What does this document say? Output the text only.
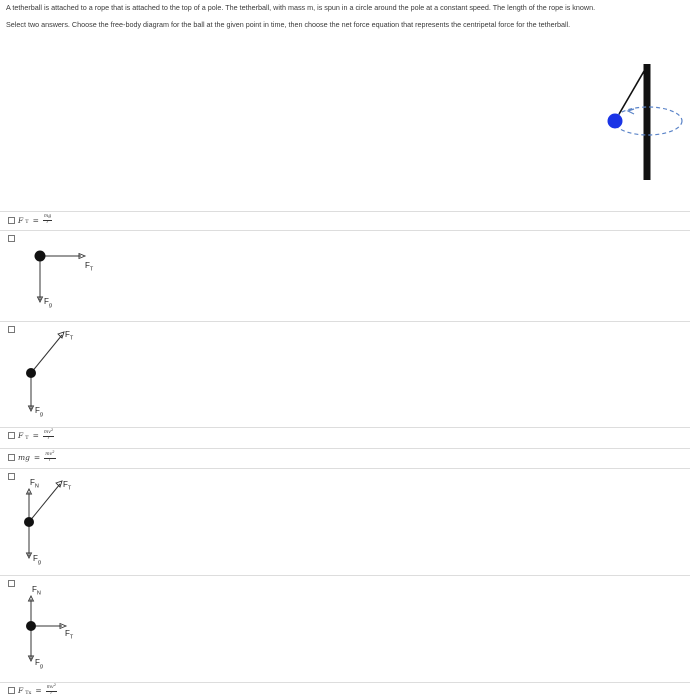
A tetherball is attached to a rope that is attached to the top of a pole. The tetherball, with mass m, is spun in a circle around the pole at a constant speed. The length of the rope is known.
Select two answers. Choose the free-body diagram for the ball at the given point in time, then choose the net force equation that represents the centripetal force for the tetherball.
F $T = \frac{mg}{r}$
$F_T$
$F_g$
$F_T$
$F_g$
F $T = \frac{mv^2}{r}$
mg = $\frac{mv^2}{r}$
$F_N$	$F_T$
$F_g$
$F_N$
$F_T$
$F_g$
F $Tx = \frac{mv^2}{r}$
